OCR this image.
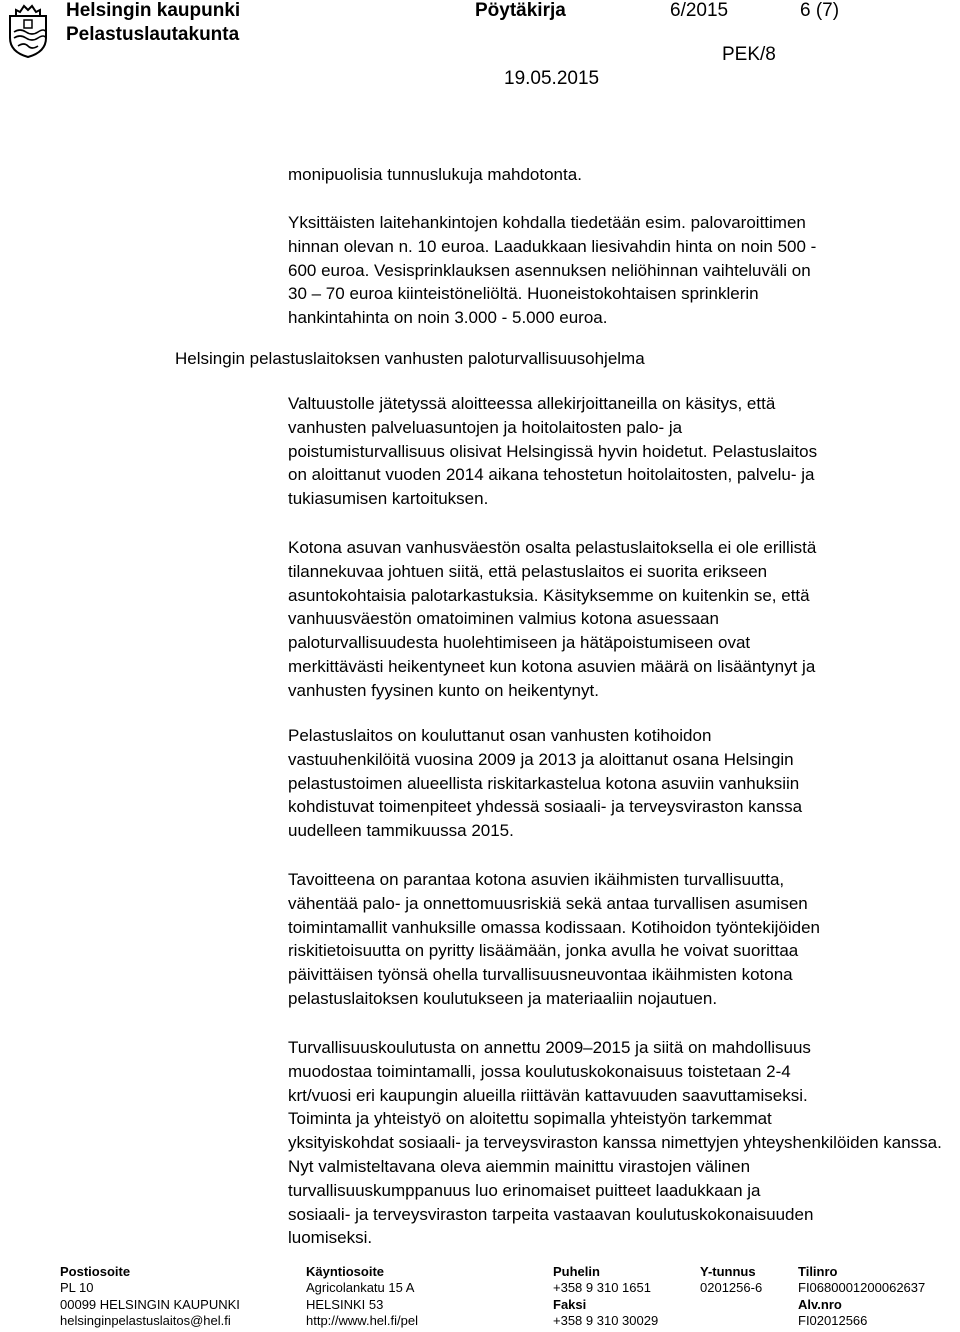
Helsingin kaupunki
Pelastuslautakunta
Pöytäkirja	6/2015	6 (7)
PEK/8
19.05.2015
monipuolisia tunnuslukuja mahdotonta.
Yksittäisten laitehankintojen kohdalla tiedetään esim. palovaroittimen
hinnan olevan n. 10 euroa. Laadukkaan liesivahdin hinta on noin 500 -
600 euroa. Vesisprinklauksen asennuksen neliöhinnan vaihteluväli on
30 – 70 euroa kiinteistöneliöltä. Huoneistokohtaisen sprinklerin
hankintahinta on noin 3.000 - 5.000 euroa.
Helsingin pelastuslaitoksen vanhusten paloturvallisuusohjelma
Valtuustolle jätetyssä aloitteessa allekirjoittaneilla on käsitys, että
vanhusten palveluasuntojen ja hoitolaitosten palo- ja
poistumisturvallisuus olisivat Helsingissä hyvin hoidetut. Pelastuslaitos
on aloittanut vuoden 2014 aikana tehostetun hoitolaitosten, palvelu- ja
tukiasumisen kartoituksen.
Kotona asuvan vanhusväestön osalta pelastuslaitoksella ei ole erillistä
tilannekuvaa johtuen siitä, että pelastuslaitos ei suorita erikseen
asuntokohtaisia palotarkastuksia. Käsityksemme on kuitenkin se, että
vanhuusväestön omatoiminen valmius kotona asuessaan
paloturvallisuudesta huolehtimiseen ja hätäpoistumiseen ovat
merkittävästi heikentyneet kun kotona asuvien määrä on lisääntynyt ja
vanhusten fyysinen kunto on heikentynyt.
Pelastuslaitos on kouluttanut osan vanhusten kotihoidon
vastuuhenkilöitä vuosina 2009 ja 2013 ja aloittanut osana Helsingin
pelastustoimen alueellista riskitarkastelua kotona asuviin vanhuksiin
kohdistuvat toimenpiteet yhdessä sosiaali- ja terveysviraston kanssa
uudelleen tammikuussa 2015.
Tavoitteena on parantaa kotona asuvien ikäihmisten turvallisuutta,
vähentää palo- ja onnettomuusriskiä sekä antaa turvallisen asumisen
toimintamallit vanhuksille omassa kodissaan. Kotihoidon työntekijöiden
riskitietoisuutta on pyritty lisäämään, jonka avulla he voivat suorittaa
päivittäisen työnsä ohella turvallisuusneuvontaa ikäihmisten kotona
pelastuslaitoksen koulutukseen ja materiaaliin nojautuen.
Turvallisuuskoulutusta on annettu 2009–2015 ja siitä on mahdollisuus
muodostaa toimintamalli, jossa koulutuskokonaisuus toistetaan 2-4
krt/vuosi eri kaupungin alueilla riittävän kattavuuden saavuttamiseksi.
Toiminta ja yhteistyö on aloitettu sopimalla yhteistyön tarkemmat
yksityiskohdat sosiaali- ja terveysviraston kanssa nimettyjen yhteyshenkilöiden kanssa.
Nyt valmisteltavana oleva aiemmin mainittu virastojen välinen
turvallisuuskumppanuus luo erinomaiset puitteet laadukkaan ja
sosiaali- ja terveysviraston tarpeita vastaavan koulutuskokonaisuuden
luomiseksi.
Postiosoite
PL 10
00099 HELSINGIN KAUPUNKI
helsinginpelastuslaitos@hel.fi
Käyntiosoite
Agricolankatu 15 A
HELSINKI 53
http://www.hel.fi/pel
Puhelin
+358 9 310 1651
Faksi
+358 9 310 30029
Y-tunnus
0201256-6
Tilinro
FI0680001200062637
Alv.nro
FI02012566
